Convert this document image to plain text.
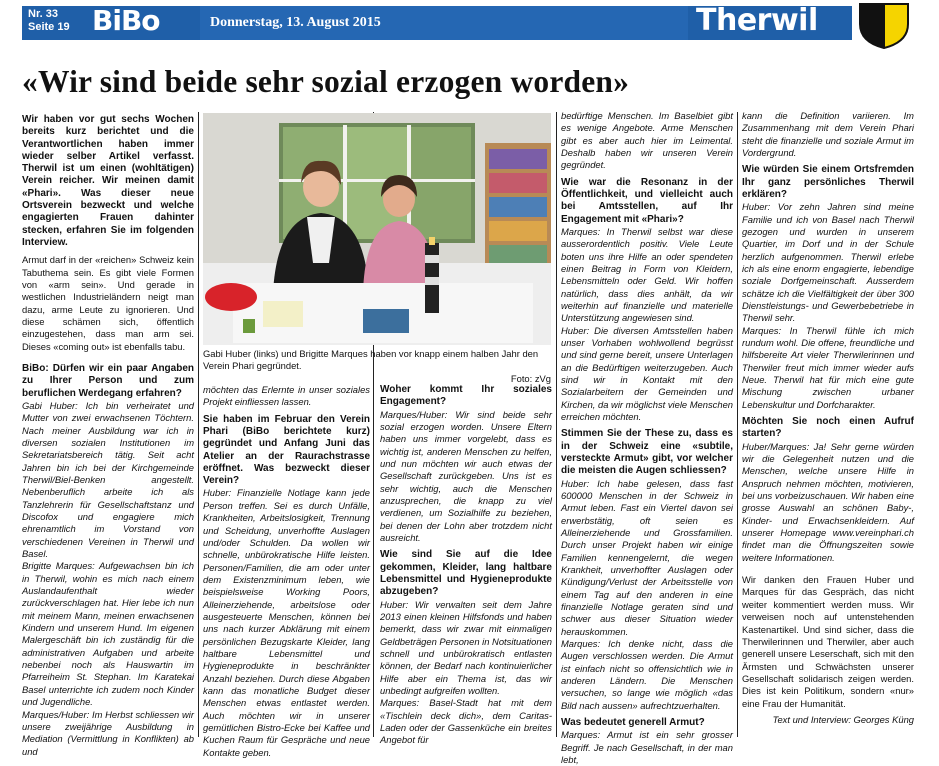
Nr. 33
Seite 19 BiBo	Donnerstag, 13. August 2015	Therwil
«Wir sind beide sehr sozial erzogen worden»

Wir haben vor gut sechs Wochen bereits kurz berichtet und die Verantwortlichen haben immer wieder selber Artikel verfasst. Therwil ist um einen (wohltätigen) Verein reicher. Wir meinen damit «Phari». Was dieser neue Ortsverein bezweckt und welche engagierten Frauen dahinter stecken, erfahren Sie im folgenden Interview.

Armut darf in der «reichen» Schweiz kein Tabuthema sein. Es gibt viele Formen von «arm sein». Und gerade in westlichen Industrieländern neigt man dazu, arme Leute zu ignorieren. Und diese schämen sich, öffentlich einzugestehen, dass man arm sei. Dieses «coming out» ist ebenfalls tabu.

BiBo: Dürfen wir ein paar Angaben zu Ihrer Person und zum beruflichen Werdegang erfahren?

Gabi Huber: Ich bin verheiratet und Mutter von zwei erwachsenen Töchtern. Nach meiner Ausbildung war ich in diversen sozialen Institutionen im Sekretariatsbereich tätig. Seit acht Jahren bin ich bei der Kirchgemeinde Therwil/Biel-Benken angestellt. Nebenberuflich arbeite ich als Tanzlehrerin für Gesellschaftstanz und Discofox und engagiere mich ehrenamtlich im Vorstand von verschiedenen Vereinen in Therwil und Basel.

Brigitte Marques: Aufgewachsen bin ich in Therwil, wohin es mich nach einem Auslandaufenthalt wieder zurückverschlagen hat. Hier lebe ich nun mit meinem Mann, meinen erwachsenen Kindern und unserem Hund. Im eigenen Malergeschäft bin ich zuständig für die administrativen Aufgaben und arbeite nebenbei noch als Hauswartin im Pfarreiheim St. Stephan. Im Karatekai Basel unterrichte ich zudem noch Kinder und Jugendliche.

Marques/Huber: Im Herbst schliessen wir unsere zweijährige Ausbildung in Mediation (Vermittlung in Konflikten) ab und

Gabi Huber (links) und Brigitte Marques haben vor knapp einem halben Jahr den Verein Phari gegründet.
Foto: zVg

möchten das Erlernte in unser soziales Projekt einfliessen lassen.

Sie haben im Februar den Verein Phari (BiBo berichtete kurz) gegründet und Anfang Juni das Atelier an der Raurachstrasse eröffnet. Was bezweckt dieser Verein?

Huber: Finanzielle Notlage kann jede Person treffen. Sei es durch Unfälle, Krankheiten, Arbeitslosigkeit, Trennung und Scheidung, unverhoffte Auslagen und/oder Schulden. Da wollen wir schnelle, unbürokratische Hilfe leisten. Personen/Familien, die am oder unter dem Existenzminimum leben, wie beispielsweise Working Poors, Alleinerziehende, arbeitslose oder ausgesteuerte Menschen, können bei uns nach kurzer Abklärung mit einem persönlichen Bezugskarte Kleider, lang haltbare Lebensmittel und Hygieneprodukte in beschränkter Anzahl beziehen. Durch diese Abgaben kann das monatliche Budget dieser Menschen etwas entlastet werden. Auch möchten wir in unserer gemütlichen Bistro-Ecke bei Kaffee und Kuchen Raum für Gespräche und neue Kontakte geben.

Woher kommt Ihr soziales Engagement?

Marques/Huber: Wir sind beide sehr sozial erzogen worden. Unsere Eltern haben uns immer vorgelebt, dass es wichtig ist, anderen Menschen zu helfen, und nun möchten wir auch etwas der Gesellschaft zurückgeben. Uns ist es sehr wichtig, auch die Menschen anzusprechen, die knapp zu viel verdienen, um Sozialhilfe zu beziehen, bei denen der Lohn aber trotzdem nicht ausreicht.

Wie sind Sie auf die Idee gekommen, Kleider, lang haltbare Lebensmittel und Hygieneprodukte abzugeben?

Huber: Wir verwalten seit dem Jahre 2013 einen kleinen Hilfsfonds und haben bemerkt, dass wir zwar mit einmaligen Geldbeträgen Personen in Notsituationen schnell und unbürokratisch entlasten können, der Bedarf nach kontinuierlicher Hilfe aber ein Thema ist, das wir unbedingt aufgreifen wollten.

Marques: Basel-Stadt hat mit dem «Tischlein deck dich», dem Caritas-Laden oder der Gassenküche ein breites Angebot für

bedürftige Menschen. Im Baselbiet gibt es wenige Angebote. Arme Menschen gibt es aber auch hier im Leimental. Deshalb haben wir unseren Verein gegründet.

Wie war die Resonanz in der Öffentlichkeit, und vielleicht auch bei Amtsstellen, auf Ihr Engagement mit «Phari»?

Marques: In Therwil selbst war diese ausserordentlich positiv. Viele Leute boten uns ihre Hilfe an oder spendeten einen Beitrag in Form von Kleidern, Lebensmitteln oder Geld. Wir hoffen natürlich, dass dies anhält, da wir weiterhin auf finanzielle und materielle Unterstützung angewiesen sind.

Huber: Die diversen Amtsstellen haben unser Vorhaben wohlwollend begrüsst und sind gerne bereit, unsere Unterlagen an die Bedürftigen weiterzugeben. Auch sind wir in Kontakt mit den Sozialarbeitern der Gemeinden und Kirchen, da wir möglichst viele Menschen erreichen möchten.

Stimmen Sie der These zu, dass es in der Schweiz eine «subtile, versteckte Armut» gibt, vor welcher die meisten die Augen schliessen?

Huber: Ich habe gelesen, dass fast 600000 Menschen in der Schweiz in Armut leben. Fast ein Viertel davon sei erwerbstätig, oft seien es Alleinerziehende und Grossfamilien. Durch unser Projekt haben wir einige Familien kennengelernt, die wegen Krankheit, unverhoffter Auslagen oder Kündigung/Verlust der Arbeitsstelle von einem Tag auf den anderen in eine finanzielle Notlage geraten sind und schwer aus dieser Situation wieder herauskommen.

Marques: Ich denke nicht, dass die Augen verschlossen werden. Die Armut ist einfach nicht so offensichtlich wie in anderen Ländern. Die Menschen versuchen, so lange wie möglich «das Bild nach aussen» aufrechtzuerhalten.

Was bedeutet generell Armut?

Marques: Armut ist ein sehr grosser Begriff. Je nach Gesellschaft, in der man lebt,

kann die Definition variieren. Im Zusammenhang mit dem Verein Phari steht die finanzielle und soziale Armut im Vordergrund.

Wie würden Sie einem Ortsfremden Ihr ganz persönliches Therwil erklären?

Huber: Vor zehn Jahren sind meine Familie und ich von Basel nach Therwil gezogen und wurden in unserem Quartier, im Dorf und in der Schule herzlich aufgenommen. Therwil erlebe ich als eine enorm engagierte, lebendige soziale Dorfgemeinschaft. Ausserdem schätze ich die Vielfältigkeit der über 300 Dienstleistungs- und Gewerbebetriebe in Therwil sehr.

Marques: In Therwil fühle ich mich rundum wohl. Die offene, freundliche und hilfsbereite Art vieler Therwilerinnen und Therwiler freut mich immer wieder aufs Neue. Therwil hat für mich eine gute Mischung zwischen urbaner Lebenskultur und Dorfcharakter.

Möchten Sie noch einen Aufruf starten?

Huber/Marques: Ja! Sehr gerne würden wir die Gelegenheit nutzen und die Menschen, welche unsere Hilfe in Anspruch nehmen möchten, motivieren, bei uns vorbeizuschauen. Wir haben eine grosse Auswahl an schönen Baby-, Kinder- und Erwachsenkleidern. Auf unserer Homepage www.vereinphari.ch findet man die Öffnungszeiten sowie weitere Informationen.

Wir danken den Frauen Huber und Marques für das Gespräch, das nicht weiter kommentiert werden muss. Wir verweisen noch auf untenstehenden Kastenartikel. Und sind sicher, dass die Therwilerinnen und Therwiler, aber auch generell unsere Leserschaft, sich mit den Ärmsten und Schwächsten unserer Gesellschaft solidarisch zeigen werden. Dies ist kein Politikum, sondern «nur» eine Frau der Humanität.

Text und Interview: Georges Küng
